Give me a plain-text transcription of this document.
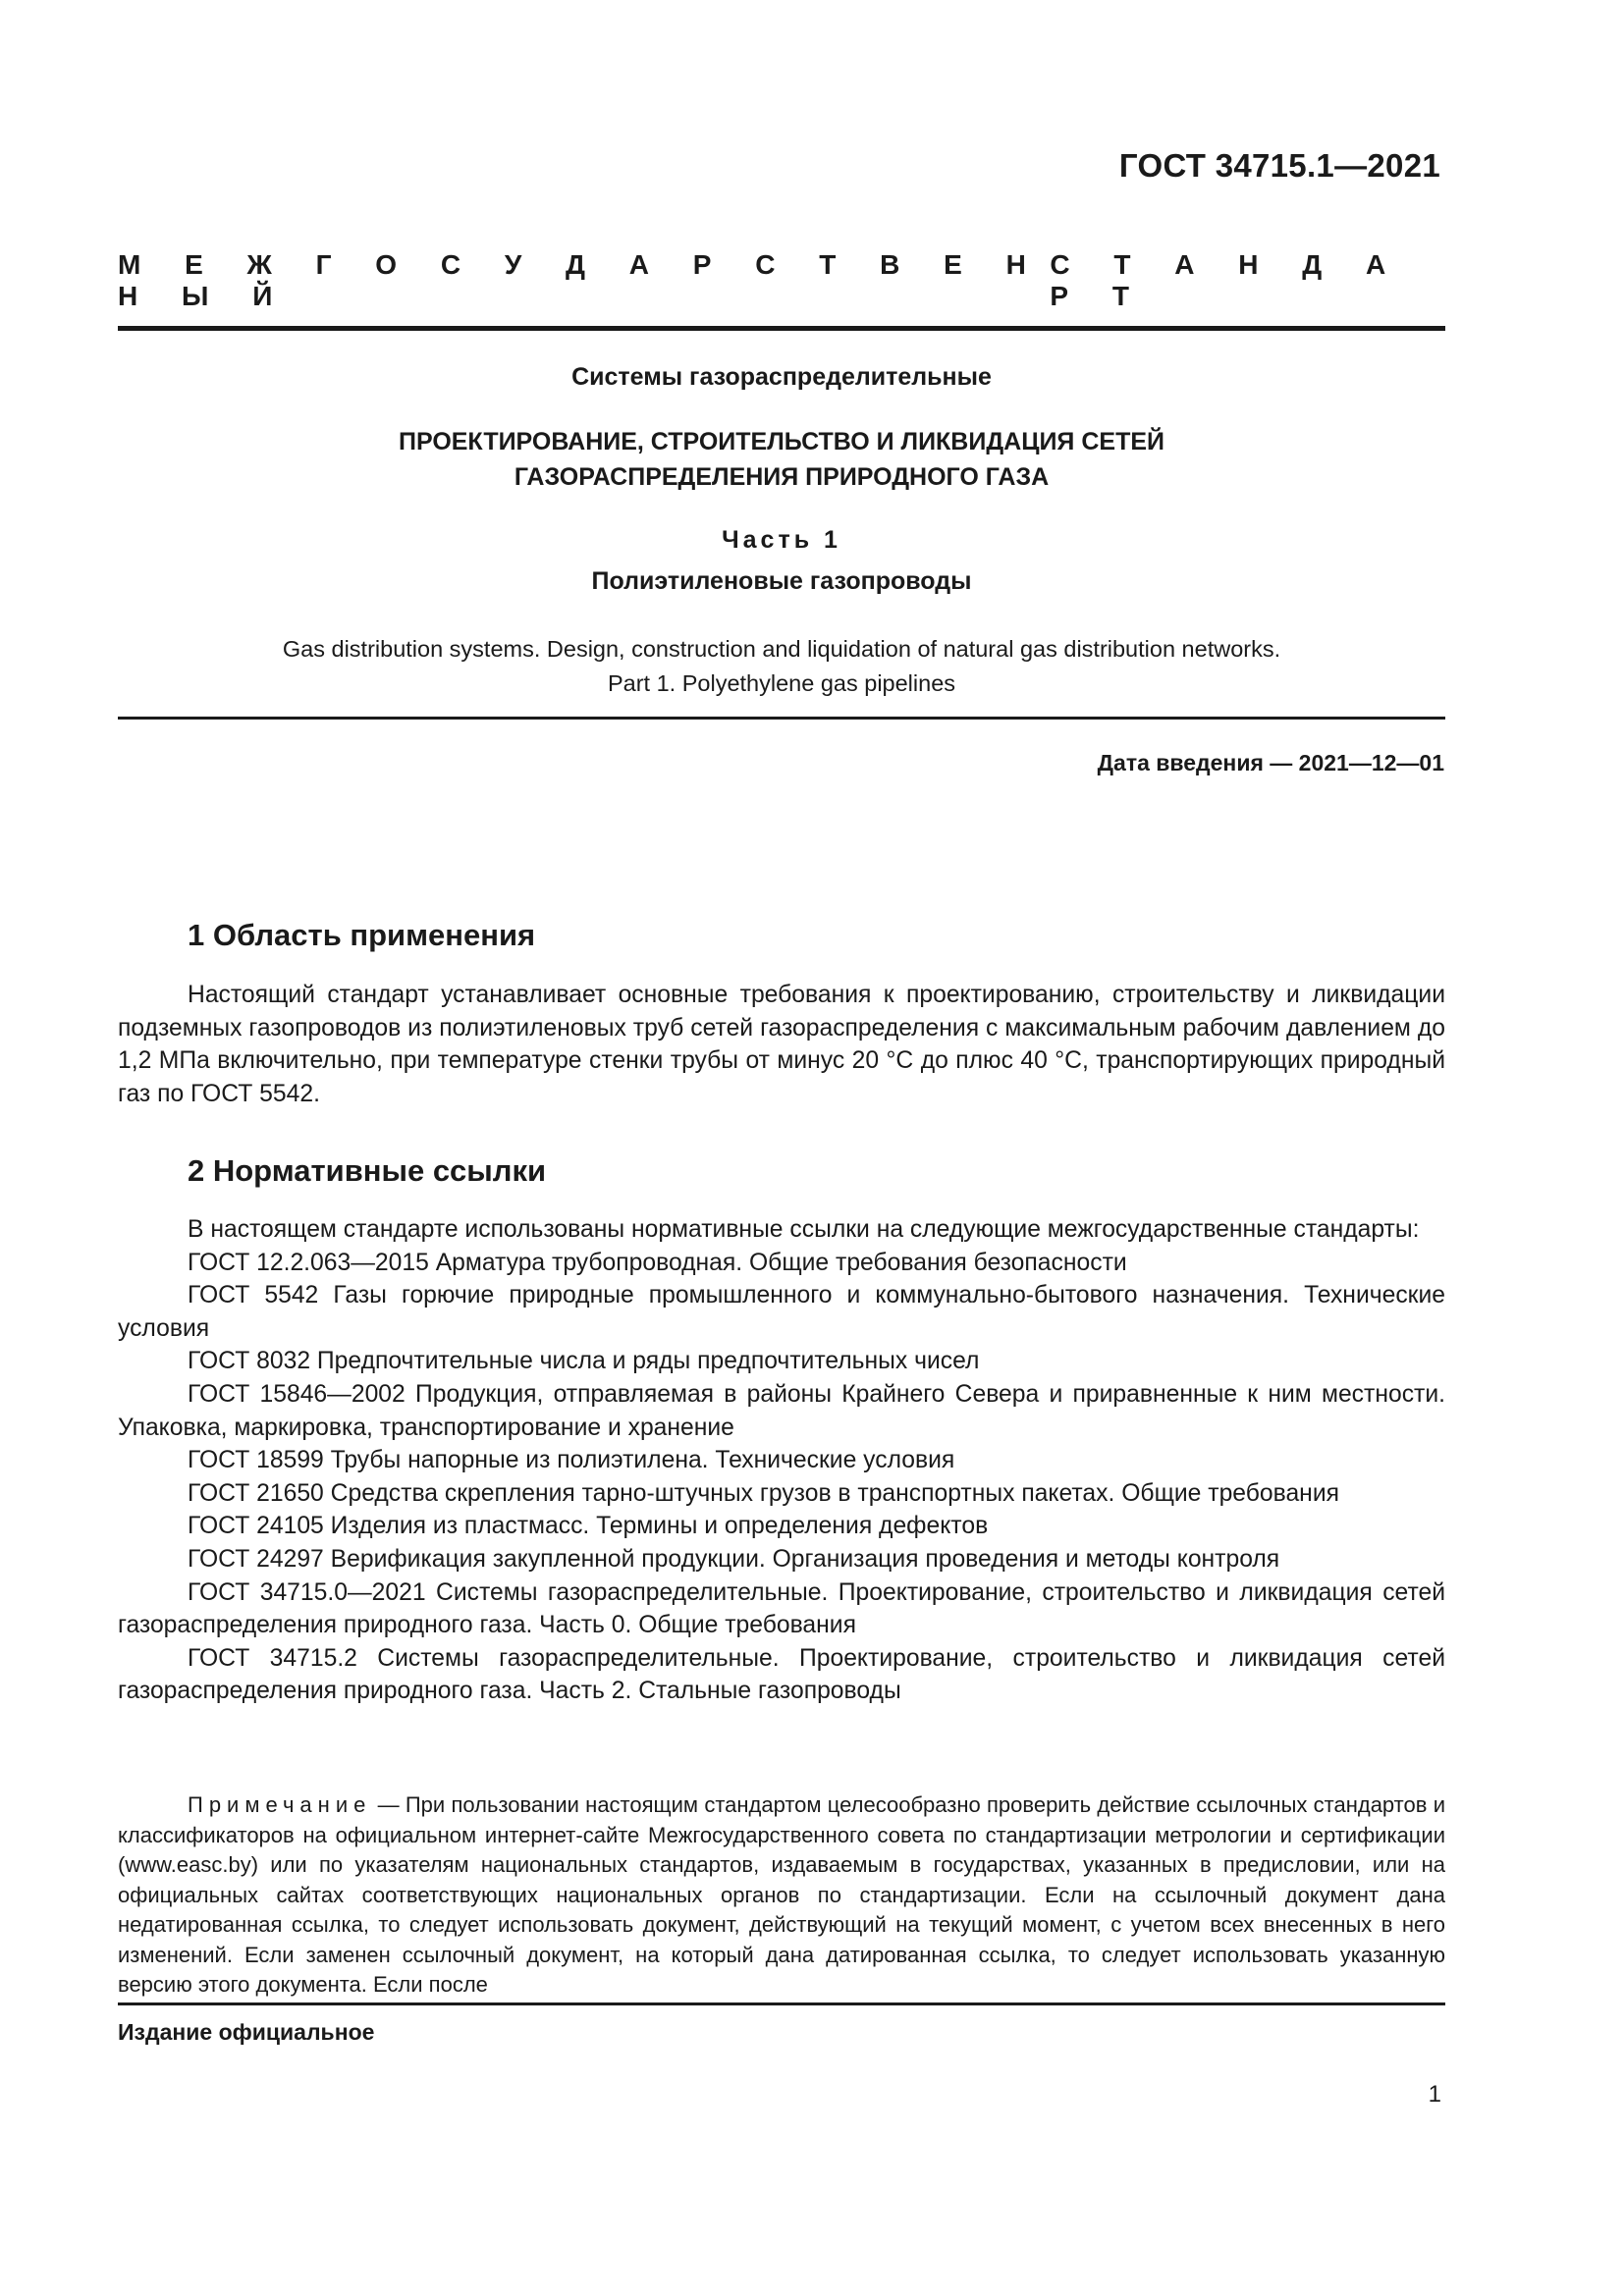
ГОСТ 34715.1—2021
М Е Ж Г О С У Д А Р С Т В Е Н Н Ы Й
С Т А Н Д А Р Т
Системы газораспределительные
ПРОЕКТИРОВАНИЕ, СТРОИТЕЛЬСТВО И ЛИКВИДАЦИЯ СЕТЕЙ
ГАЗОРАСПРЕДЕЛЕНИЯ ПРИРОДНОГО ГАЗА
Часть 1
Полиэтиленовые газопроводы
Gas distribution systems. Design, construction and liquidation of natural gas distribution networks.
Part 1. Polyethylene gas pipelines
Дата введения — 2021—12—01
1 Область применения

Настоящий стандарт устанавливает основные требования к проектированию, строительству и ликвидации подземных газопроводов из полиэтиленовых труб сетей газораспределения с максимальным рабочим давлением до 1,2 МПа включительно, при температуре стенки трубы от минус 20 °С до плюс 40 °С, транспортирующих природный газ по ГОСТ 5542.

2 Нормативные ссылки

В настоящем стандарте использованы нормативные ссылки на следующие межгосударственные стандарты:

ГОСТ 12.2.063—2015 Арматура трубопроводная. Общие требования безопасности

ГОСТ 5542 Газы горючие природные промышленного и коммунально-бытового назначения. Технические условия

ГОСТ 8032 Предпочтительные числа и ряды предпочтительных чисел

ГОСТ 15846—2002 Продукция, отправляемая в районы Крайнего Севера и приравненные к ним местности. Упаковка, маркировка, транспортирование и хранение

ГОСТ 18599 Трубы напорные из полиэтилена. Технические условия

ГОСТ 21650 Средства скрепления тарно-штучных грузов в транспортных пакетах. Общие требования

ГОСТ 24105 Изделия из пластмасс. Термины и определения дефектов

ГОСТ 24297 Верификация закупленной продукции. Организация проведения и методы контроля

ГОСТ 34715.0—2021 Системы газораспределительные. Проектирование, строительство и ликвидация сетей газораспределения природного газа. Часть 0. Общие требования

ГОСТ 34715.2 Системы газораспределительные. Проектирование, строительство и ликвидация сетей газораспределения природного газа. Часть 2. Стальные газопроводы

Примечание — При пользовании настоящим стандартом целесообразно проверить действие ссылочных стандартов и классификаторов на официальном интернет-сайте Межгосударственного совета по стандартизации метрологии и сертификации (www.easc.by) или по указателям национальных стандартов, издаваемым в государствах, указанных в предисловии, или на официальных сайтах соответствующих национальных органов по стандартизации. Если на ссылочный документ дана недатированная ссылка, то следует использовать документ, действующий на текущий момент, с учетом всех внесенных в него изменений. Если заменен ссылочный документ, на который дана датированная ссылка, то следует использовать указанную версию этого документа. Если после
Издание официальное
1
